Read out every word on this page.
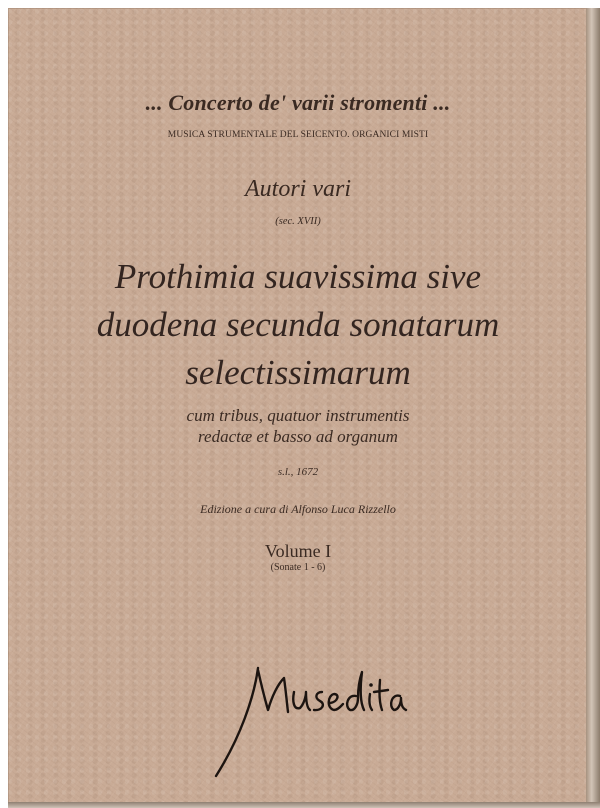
... Concerto de' varii stromenti ...
MUSICA STRUMENTALE DEL SEICENTO. ORGANICI MISTI
Autori vari
(sec. XVII)
Prothimia suavissima sive
duodena secunda sonatarum
selectissimarum
cum tribus, quatuor instrumentis
redactæ et basso ad organum
s.l., 1672
Edizione a cura di Alfonso Luca Rizzello
Volume I
(Sonate 1 - 6)
